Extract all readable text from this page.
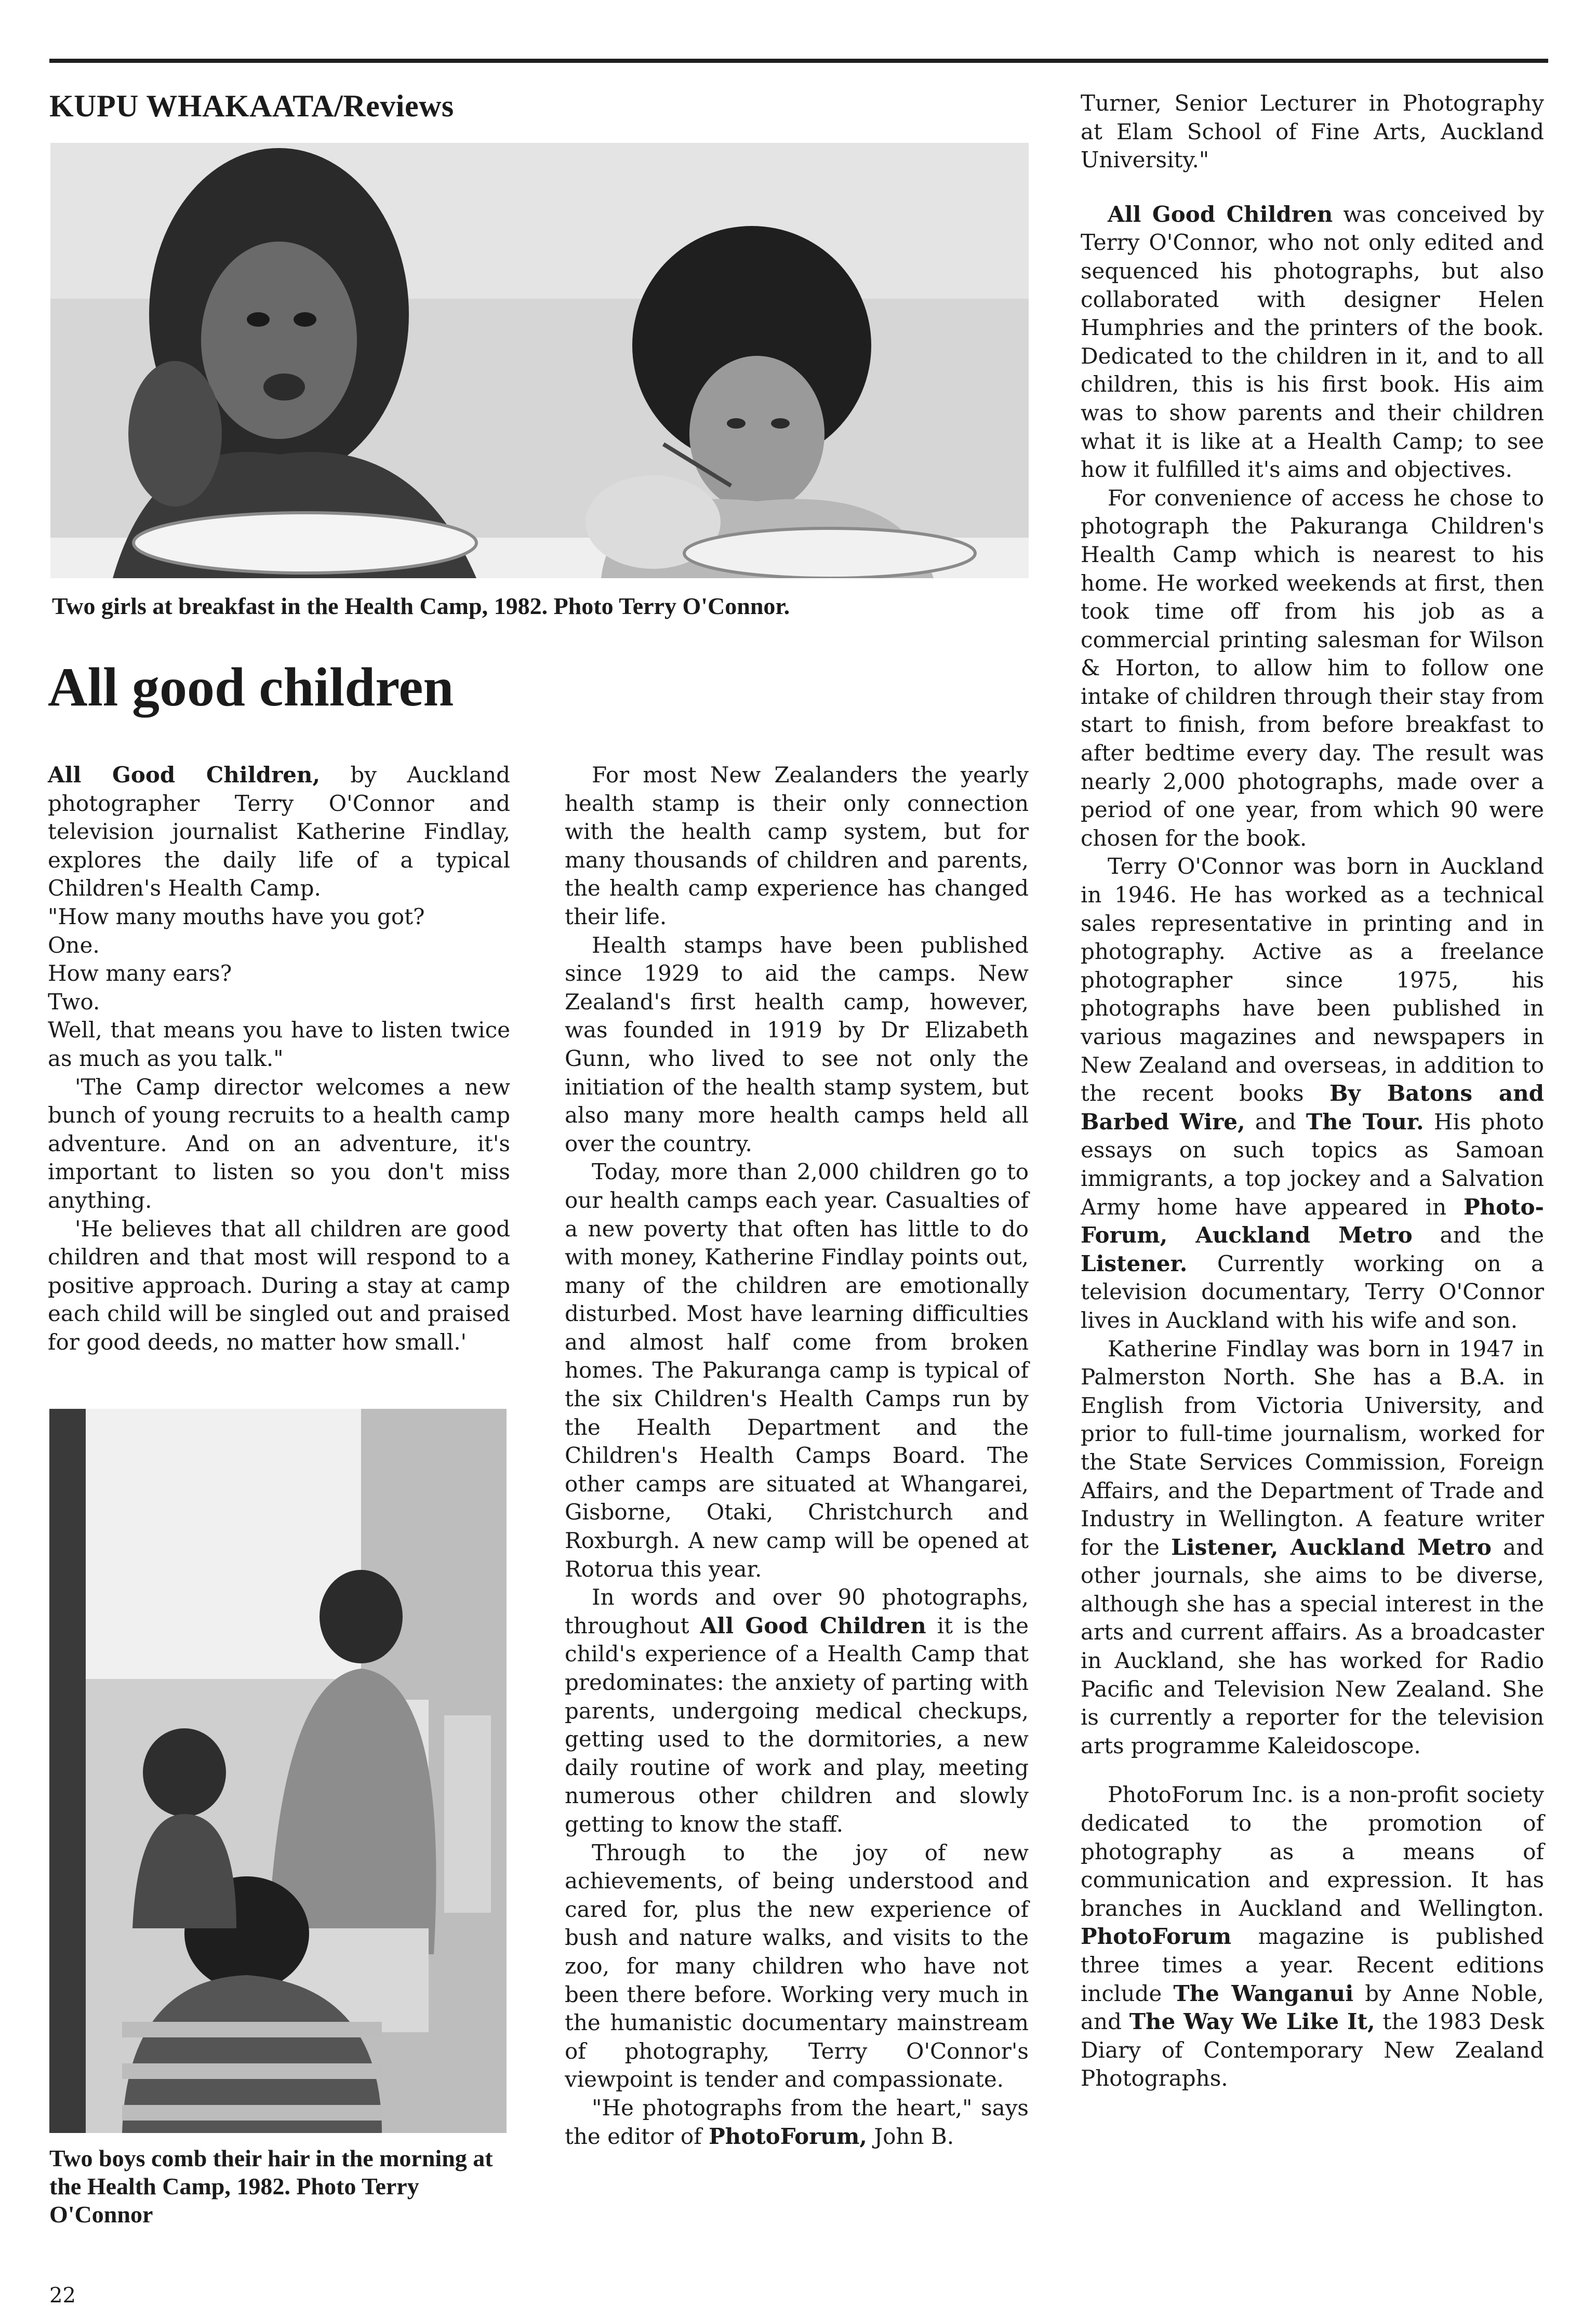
KUPU WHAKAATA/Reviews
Two girls at breakfast in the Health Camp, 1982. Photo Terry O'Connor.
All good children

All Good Children, by Auckland photographer Terry O'Connor and television journalist Katherine Findlay, explores the daily life of a typical Children's Health Camp.

"How many mouths have you got?

One.

How many ears?

Two.

Well, that means you have to listen twice as much as you talk."

'The Camp director welcomes a new bunch of young recruits to a health camp adventure. And on an adventure, it's important to listen so you don't miss anything.

'He believes that all children are good children and that most will respond to a positive approach. During a stay at camp each child will be singled out and praised for good deeds, no matter how small.'

Two boys comb their hair in the morning at the Health Camp, 1982. Photo Terry O'Connor

For most New Zealanders the yearly health stamp is their only connection with the health camp system, but for many thousands of children and parents, the health camp experience has changed their life.

Health stamps have been published since 1929 to aid the camps. New Zealand's first health camp, however, was founded in 1919 by Dr Elizabeth Gunn, who lived to see not only the initiation of the health stamp system, but also many more health camps held all over the country.

Today, more than 2,000 children go to our health camps each year. Casualties of a new poverty that often has little to do with money, Katherine Findlay points out, many of the children are emotionally disturbed. Most have learning difficulties and almost half come from broken homes. The Pakuranga camp is typical of the six Children's Health Camps run by the Health Department and the Children's Health Camps Board. The other camps are situated at Whangarei, Gisborne, Otaki, Christchurch and Roxburgh. A new camp will be opened at Rotorua this year.

In words and over 90 photographs, throughout All Good Children it is the child's experience of a Health Camp that predominates: the anxiety of parting with parents, undergoing medical checkups, getting used to the dormitories, a new daily routine of work and play, meeting numerous other children and slowly getting to know the staff.

Through to the joy of new achievements, of being understood and cared for, plus the new experience of bush and nature walks, and visits to the zoo, for many children who have not been there before. Working very much in the humanistic documentary mainstream of photography, Terry O'Connor's viewpoint is tender and compassionate.

"He photographs from the heart," says the editor of PhotoForum, John B.

Turner, Senior Lecturer in Photography at Elam School of Fine Arts, Auckland University."

All Good Children was conceived by Terry O'Connor, who not only edited and sequenced his photographs, but also collaborated with designer Helen Humphries and the printers of the book. Dedicated to the children in it, and to all children, this is his first book. His aim was to show parents and their children what it is like at a Health Camp; to see how it fulfilled it's aims and objectives.

For convenience of access he chose to photograph the Pakuranga Children's Health Camp which is nearest to his home. He worked weekends at first, then took time off from his job as a commercial printing salesman for Wilson & Horton, to allow him to follow one intake of children through their stay from start to finish, from before breakfast to after bedtime every day. The result was nearly 2,000 photographs, made over a period of one year, from which 90 were chosen for the book.

Terry O'Connor was born in Auckland in 1946. He has worked as a technical sales representative in printing and in photography. Active as a freelance photographer since 1975, his photographs have been published in various magazines and newspapers in New Zealand and overseas, in addition to the recent books By Batons and Barbed Wire, and The Tour. His photo essays on such topics as Samoan immigrants, a top jockey and a Salvation Army home have appeared in Photo-Forum, Auckland Metro and the Listener. Currently working on a television documentary, Terry O'Connor lives in Auckland with his wife and son.

Katherine Findlay was born in 1947 in Palmerston North. She has a B.A. in English from Victoria University, and prior to full-time journalism, worked for the State Services Commission, Foreign Affairs, and the Department of Trade and Industry in Wellington. A feature writer for the Listener, Auckland Metro and other journals, she aims to be diverse, although she has a special interest in the arts and current affairs. As a broadcaster in Auckland, she has worked for Radio Pacific and Television New Zealand. She is currently a reporter for the television arts programme Kaleidoscope.

PhotoForum Inc. is a non-profit society dedicated to the promotion of photography as a means of communication and expression. It has branches in Auckland and Wellington. PhotoForum magazine is published three times a year. Recent editions include The Wanganui by Anne Noble, and The Way We Like It, the 1983 Desk Diary of Contemporary New Zealand Photographs.

22
